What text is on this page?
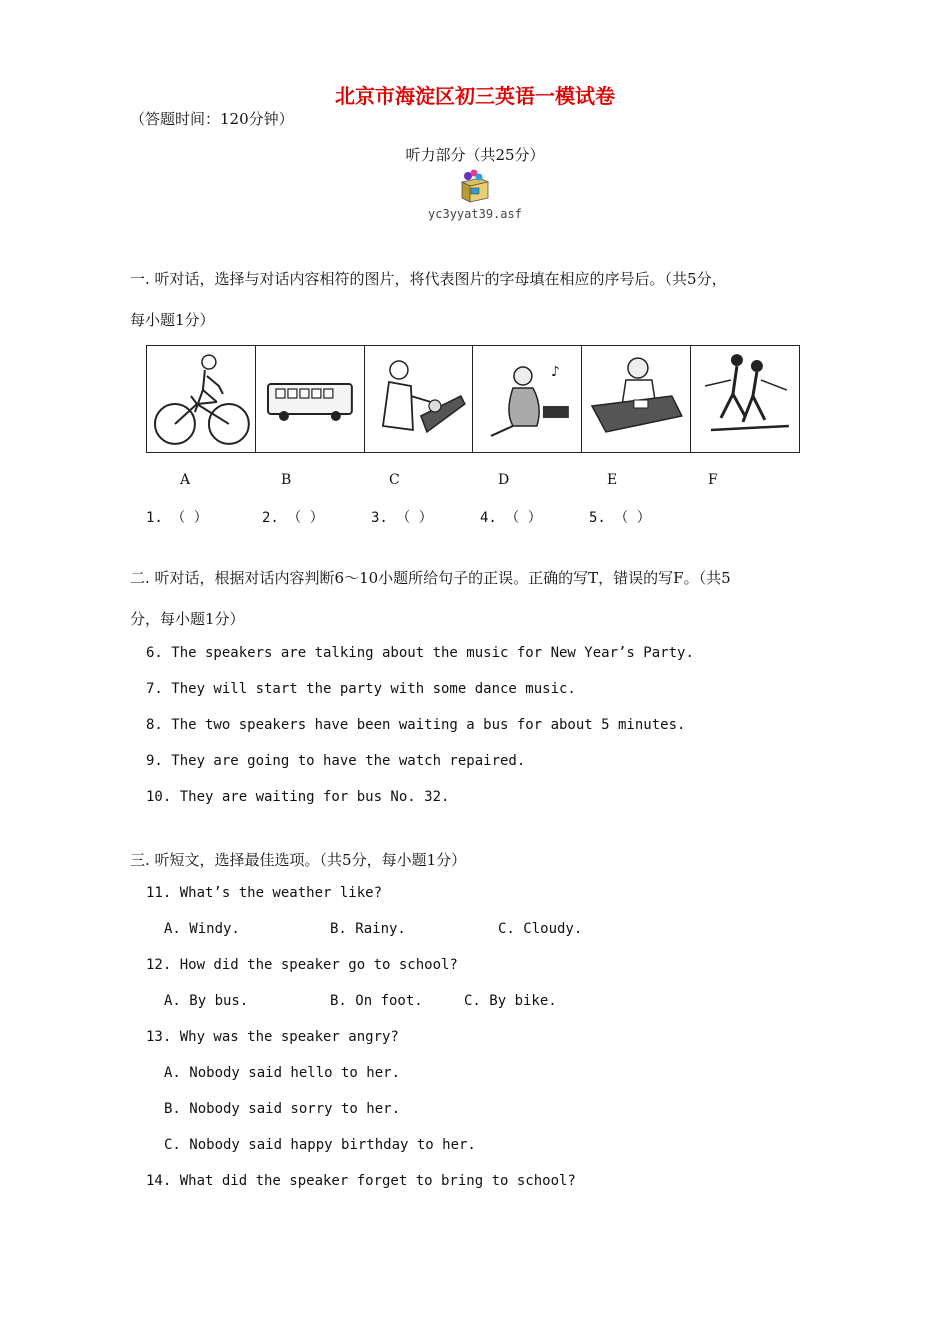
北京市海淀区初三英语一模试卷
（答题时间：120分钟）
听力部分（共25分）
yc3yyat39.asf
一. 听对话，选择与对话内容相符的图片，将代表图片的字母填在相应的序号后。（共5分，
每小题1分）
♪
A	B	C	D	E	F
1. （ ）	2. （ ）	3. （ ）	4. （ ）	5. （ ）
二. 听对话，根据对话内容判断6～10小题所给句子的正误。正确的写T，错误的写F。（共5
分，每小题1分）
6. The speakers are talking about the music for New Year’s Party.
7. They will start the party with some dance music.
8. The two speakers have been waiting a bus for about 5 minutes.
9. They are going to have the watch repaired.
10. They are waiting for bus No. 32.
三. 听短文，选择最佳选项。（共5分，每小题1分）
11. What’s the weather like?
A. Windy.	B. Rainy.	C. Cloudy.
12. How did the speaker go to school?
A. By bus.	B. On foot.	C. By bike.
13. Why was the speaker angry?
A. Nobody said hello to her.
B. Nobody said sorry to her.
C. Nobody said happy birthday to her.
14. What did the speaker forget to bring to school?
